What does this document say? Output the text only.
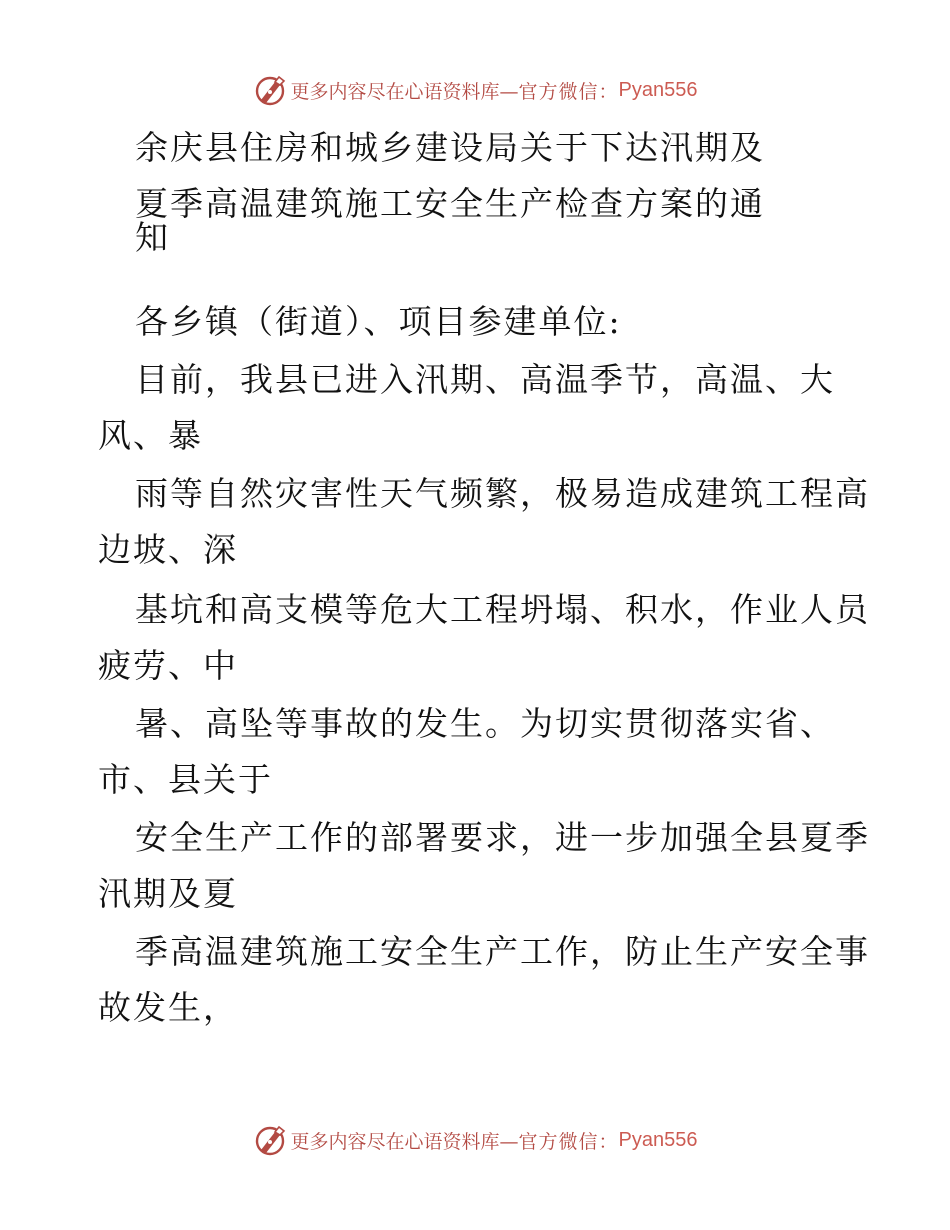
更多内容尽在心语资料库— 官方微信： Pyan556
余庆县住房和城乡建设局关于下达汛期及
夏季高温建筑施工安全生产检查方案的通
知
各乡镇（街道）、项目参建单位:
目前，我县已进入汛期、高温季节，高温、大
风、暴
雨等自然灾害性天气频繁，极易造成建筑工程高
边坡、深
基坑和高支模等危大工程坍塌、积水，作业人员
疲劳、中
暑、高坠等事故的发生。为切实贯彻落实省、
市、县关于
安全生产工作的部署要求，进一步加强全县夏季
汛期及夏
季高温建筑施工安全生产工作，防止生产安全事
故发生，
更多内容尽在心语资料库— 官方微信： Pyan556
